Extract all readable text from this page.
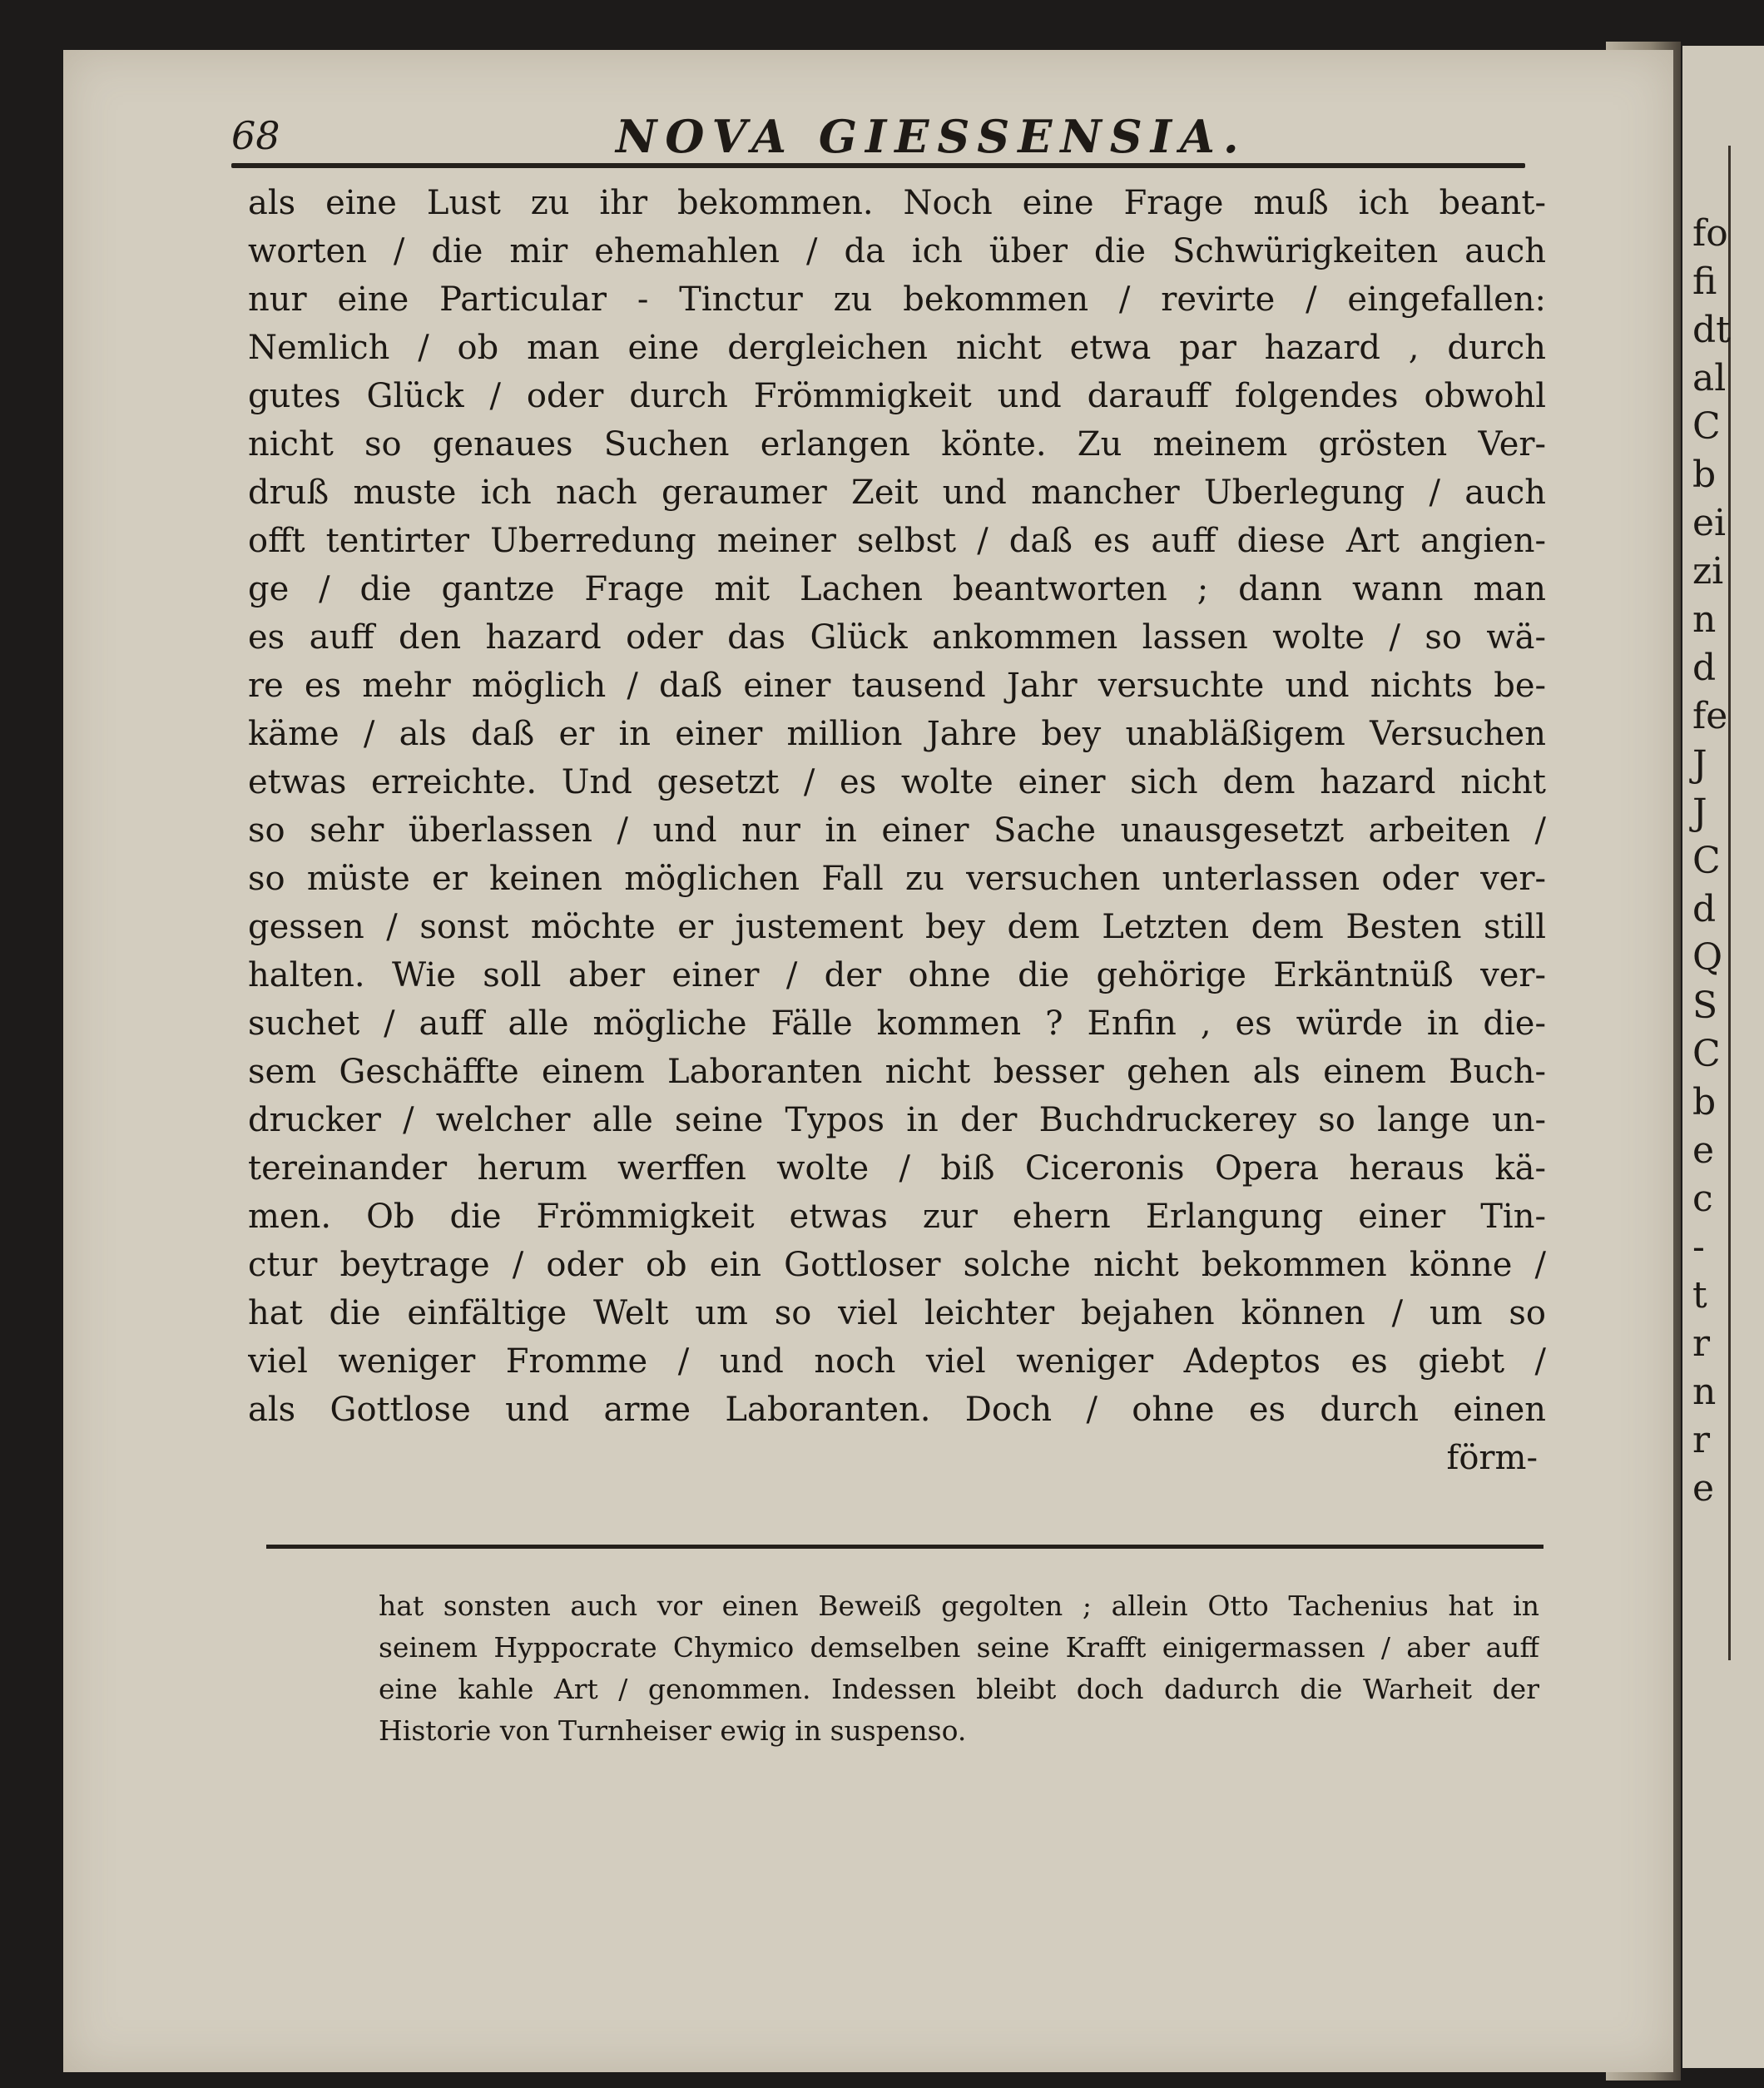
fo
fi
dt
al
C
b
ei
zi
n
d
fe
J
J
C
d
Q
S
C
b
e
c
-
t
r
n
r
e
68	NOVA GIESSENSIA.
als eine Lust zu ihr bekommen. Noch eine Frage muß ich beant-
worten / die mir ehemahlen / da ich über die Schwürigkeiten auch
nur eine Particular - Tinctur zu bekommen / revirte / eingefallen:
Nemlich / ob man eine dergleichen nicht etwa par hazard , durch
gutes Glück / oder durch Frömmigkeit und darauff folgendes obwohl
nicht so genaues Suchen erlangen könte. Zu meinem grösten Ver-
druß muste ich nach geraumer Zeit und mancher Uberlegung / auch
offt tentirter Uberredung meiner selbst / daß es auff diese Art angien-
ge / die gantze Frage mit Lachen beantworten ; dann wann man
es auff den hazard oder das Glück ankommen lassen wolte / so wä-
re es mehr möglich / daß einer tausend Jahr versuchte und nichts be-
käme / als daß er in einer million Jahre bey unabläßigem Versuchen
etwas erreichte. Und gesetzt / es wolte einer sich dem hazard nicht
so sehr überlassen / und nur in einer Sache unausgesetzt arbeiten /
so müste er keinen möglichen Fall zu versuchen unterlassen oder ver-
gessen / sonst möchte er justement bey dem Letzten dem Besten still
halten. Wie soll aber einer / der ohne die gehörige Erkäntnüß ver-
suchet / auff alle mögliche Fälle kommen ? Enfin , es würde in die-
sem Geschäffte einem Laboranten nicht besser gehen als einem Buch-
drucker / welcher alle seine Typos in der Buchdruckerey so lange un-
tereinander herum werffen wolte / biß Ciceronis Opera heraus kä-
men. Ob die Frömmigkeit etwas zur ehern Erlangung einer Tin-
ctur beytrage / oder ob ein Gottloser solche nicht bekommen könne /
hat die einfältige Welt um so viel leichter bejahen können / um so
viel weniger Fromme / und noch viel weniger Adeptos es giebt /
als Gottlose und arme Laboranten. Doch / ohne es durch einen
förm-
hat sonsten auch vor einen Beweiß gegolten ; allein Otto Tachenius hat in
seinem Hyppocrate Chymico demselben seine Krafft einigermassen / aber auff
eine kahle Art / genommen. Indessen bleibt doch dadurch die Warheit der
Historie von Turnheiser ewig in suspenso.
